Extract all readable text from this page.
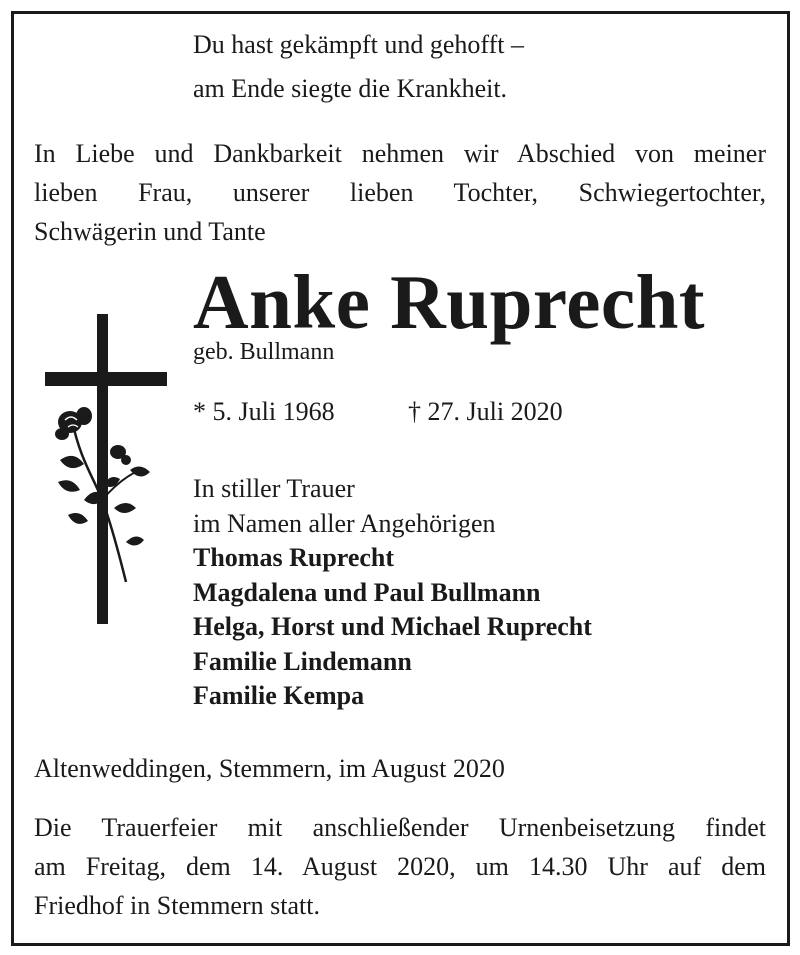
Du hast gekämpft und gehofft –
am Ende siegte die Krankheit.
In Liebe und Dankbarkeit nehmen wir Abschied von meiner
lieben Frau, unserer lieben Tochter, Schwiegertochter,
Schwägerin und Tante
Anke Ruprecht
geb. Bullmann
* 5. Juli 1968	† 27. Juli 2020
In stiller Trauer
im Namen aller Angehörigen
Thomas Ruprecht
Magdalena und Paul Bullmann
Helga, Horst und Michael Ruprecht
Familie Lindemann
Familie Kempa
Altenweddingen, Stemmern, im August 2020
Die Trauerfeier mit anschließender Urnenbeisetzung findet
am Freitag, dem 14. August 2020, um 14.30 Uhr auf dem
Friedhof in Stemmern statt.
